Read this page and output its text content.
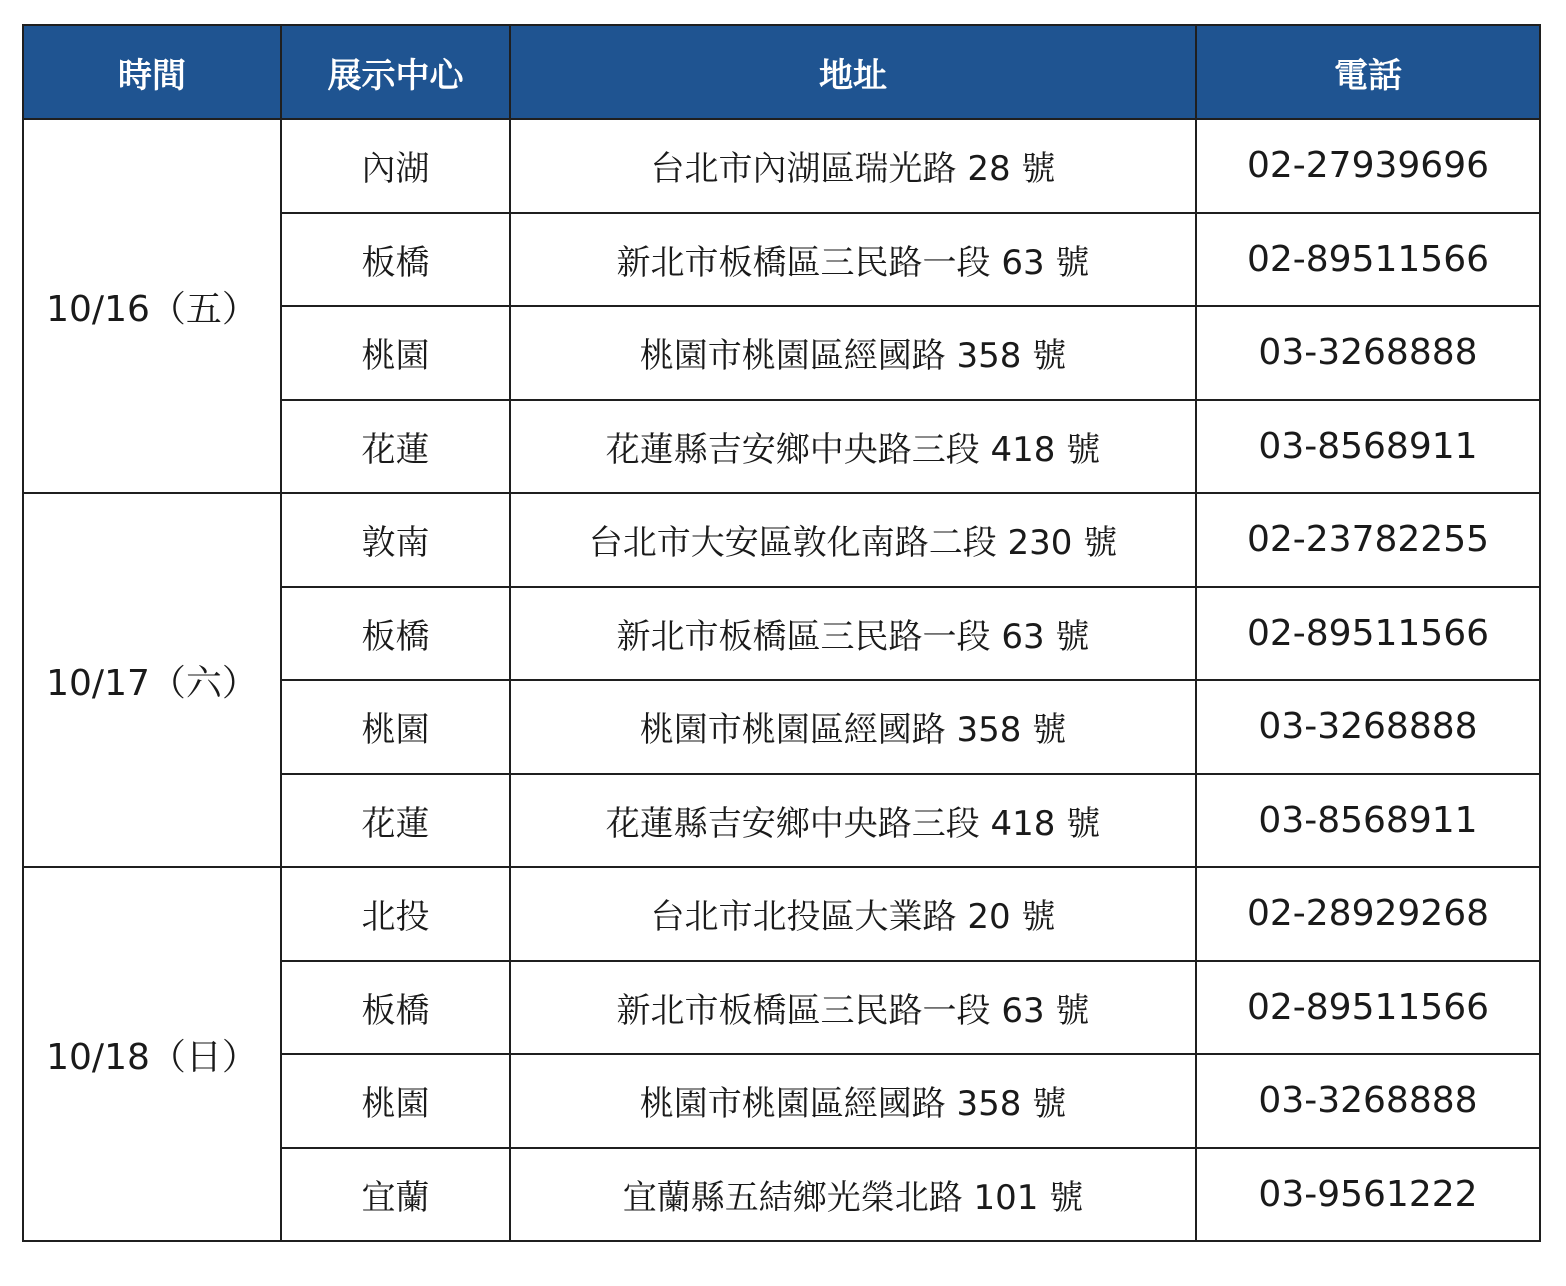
時間	展示中心	地址	電話
10/16（五）	內湖	台北市內湖區瑞光路 28 號	02-27939696
	板橋	新北市板橋區三民路一段 63 號	02-89511566
	桃園	桃園市桃園區經國路 358 號	03-3268888
	花蓮	花蓮縣吉安鄉中央路三段 418 號	03-8568911
10/17（六）	敦南	台北市大安區敦化南路二段 230 號	02-23782255
	板橋	新北市板橋區三民路一段 63 號	02-89511566
	桃園	桃園市桃園區經國路 358 號	03-3268888
	花蓮	花蓮縣吉安鄉中央路三段 418 號	03-8568911
10/18（日）	北投	台北市北投區大業路 20 號	02-28929268
	板橋	新北市板橋區三民路一段 63 號	02-89511566
	桃園	桃園市桃園區經國路 358 號	03-3268888
	宜蘭	宜蘭縣五結鄉光榮北路 101 號	03-9561222
